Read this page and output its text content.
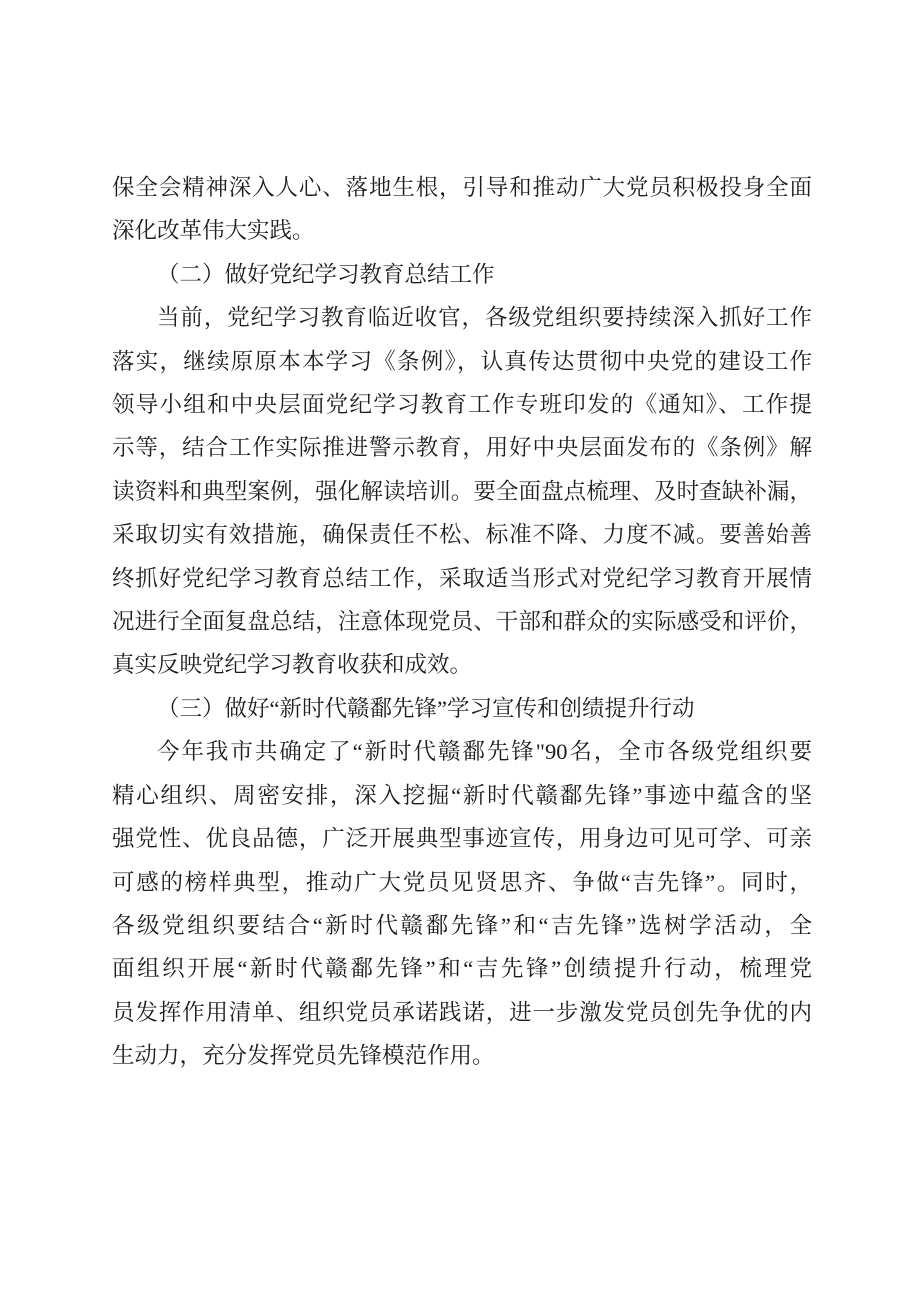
保全会精神深入人心、落地生根，引导和推动广大党员积极投身全面
深化改革伟大实践。
（二）做好党纪学习教育总结工作
当前，党纪学习教育临近收官，各级党组织要持续深入抓好工作
落实，继续原原本本学习《条例》，认真传达贯彻中央党的建设工作
领导小组和中央层面党纪学习教育工作专班印发的《通知》、工作提
示等，结合工作实际推进警示教育，用好中央层面发布的《条例》解
读资料和典型案例，强化解读培训。要全面盘点梳理、及时查缺补漏，
采取切实有效措施，确保责任不松、标准不降、力度不减。要善始善
终抓好党纪学习教育总结工作，采取适当形式对党纪学习教育开展情
况进行全面复盘总结，注意体现党员、干部和群众的实际感受和评价，
真实反映党纪学习教育收获和成效。
（三）做好“新时代赣鄱先锋”学习宣传和创绩提升行动
今年我市共确定了“新时代赣鄱先锋"90名，全市各级党组织要
精心组织、周密安排，深入挖掘“新时代赣鄱先锋”事迹中蕴含的坚
强党性、优良品德，广泛开展典型事迹宣传，用身边可见可学、可亲
可感的榜样典型，推动广大党员见贤思齐、争做“吉先锋”。同时，
各级党组织要结合“新时代赣鄱先锋”和“吉先锋”选树学活动，全
面组织开展“新时代赣鄱先锋”和“吉先锋”创绩提升行动，梳理党
员发挥作用清单、组织党员承诺践诺，进一步激发党员创先争优的内
生动力，充分发挥党员先锋模范作用。
